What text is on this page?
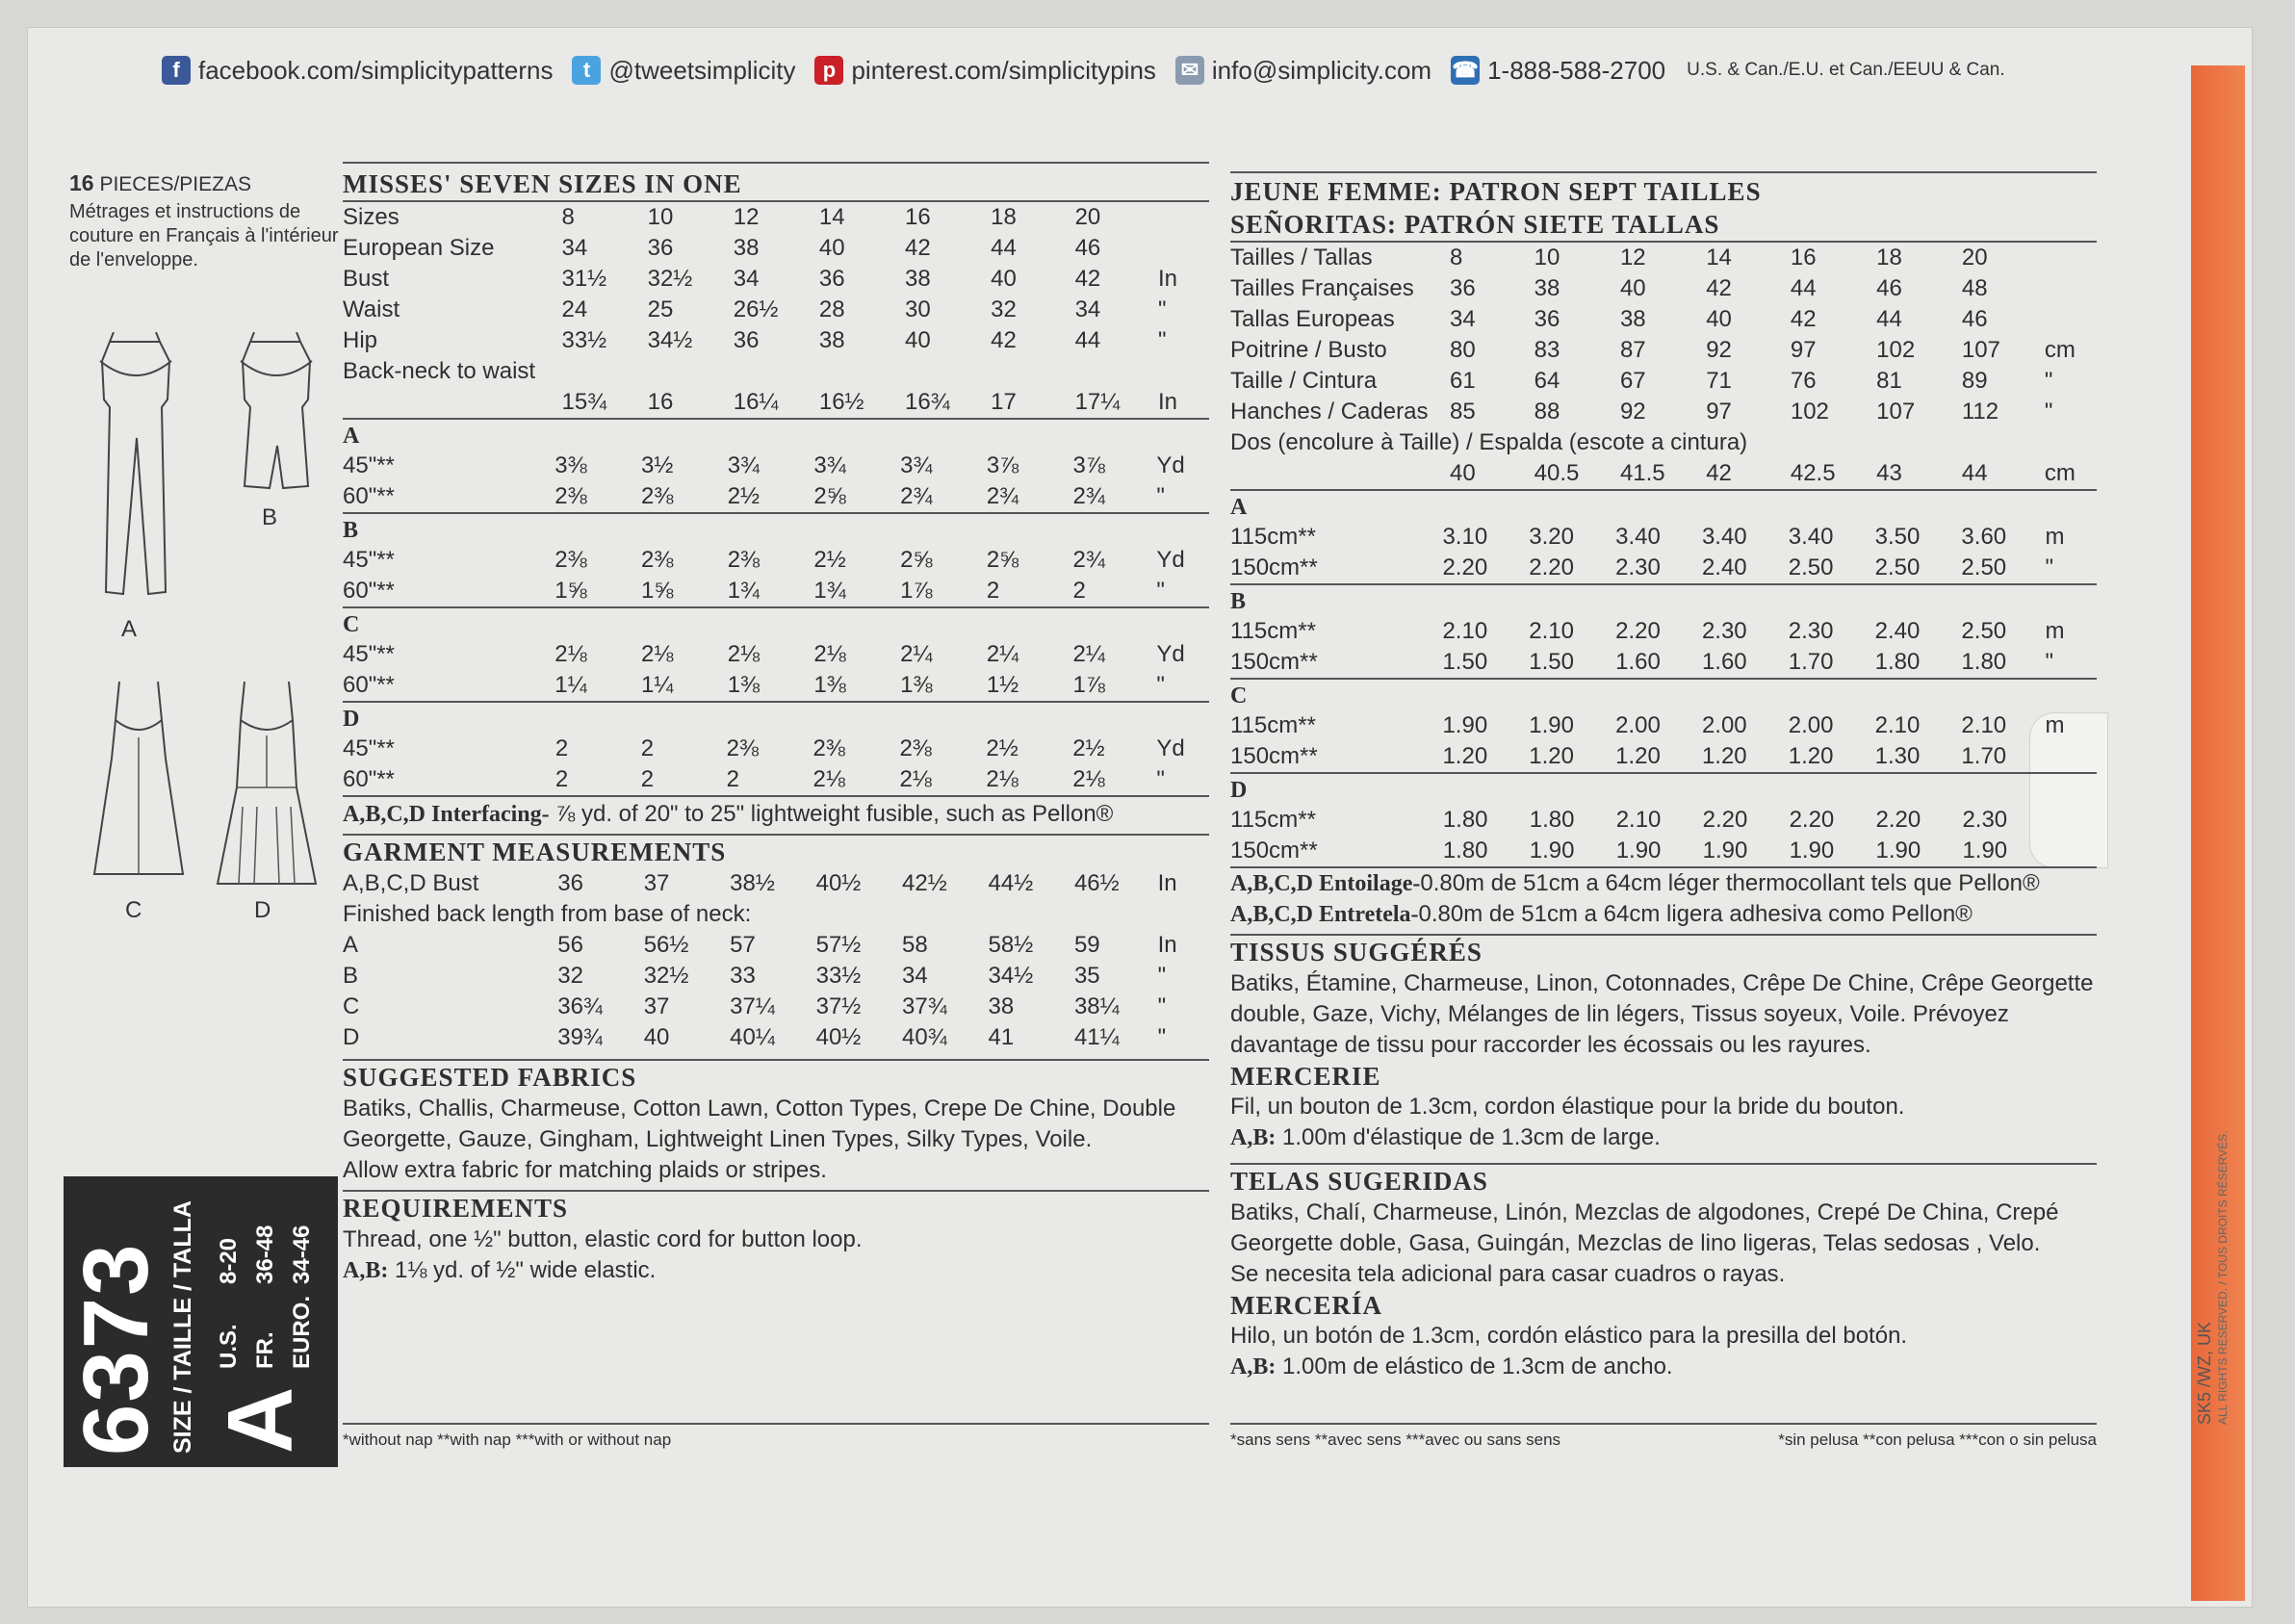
f facebook.com/simplicitypatterns	t @tweetsimplicity	p pinterest.com/simplicitypins ✉ info@simplicity.com ☎ 1-888-588-2700 U.S. & Can./E.U. et Can./EEUU & Can.
16 PIECES/PIEZAS
Métrages et instructions de couture en Français à l'intérieur de l'enveloppe.
A
B
C	D
6373 SIZE / TAILLE / TALLA A
U.S.
8-20
FR.
36-48
EURO.
34-46
MISSES' SEVEN SIZES IN ONE
Sizes	8	10	12	14	16	18	20	
European Size	34	36	38	40	42	44	46	
Bust	31½	32½	34	36	38	40	42	In
Waist	24	25	26½	28	30	32	34	"
Hip	33½	34½	36	38	40	42	44	"
Back-neck to waist								
	15¾	16	16¼	16½	16¾	17	17¼	In
A
45"**	3⅜	3½	3¾	3¾	3¾	3⅞	3⅞	Yd
60"**	2⅜	2⅜	2½	2⅝	2¾	2¾	2¾	"
B
45"**	2⅜	2⅜	2⅜	2½	2⅝	2⅝	2¾	Yd
60"**	1⅝	1⅝	1¾	1¾	1⅞	2	2	"
C
45"**	2⅛	2⅛	2⅛	2⅛	2¼	2¼	2¼	Yd
60"**	1¼	1¼	1⅜	1⅜	1⅜	1½	1⅞	"
D
45"**	2	2	2⅜	2⅜	2⅜	2½	2½	Yd
60"**	2	2	2	2⅛	2⅛	2⅛	2⅛	"
A,B,C,D Interfacing- ⅞ yd. of 20" to 25" lightweight fusible, such as Pellon®
GARMENT MEASUREMENTS
A,B,C,D Bust	36	37	38½	40½	42½	44½	46½	In
Finished back length from base of neck:								
A	56	56½	57	57½	58	58½	59	In
B	32	32½	33	33½	34	34½	35	"
C	36¾	37	37¼	37½	37¾	38	38¼	"
D	39¾	40	40¼	40½	40¾	41	41¼	"
SUGGESTED FABRICS
Batiks, Challis, Charmeuse, Cotton Lawn, Cotton Types, Crepe De Chine, Double Georgette, Gauze, Gingham, Lightweight Linen Types, Silky Types, Voile.
Allow extra fabric for matching plaids or stripes.
REQUIREMENTS
Thread, one ½" button, elastic cord for button loop.
A,B: 1⅛ yd. of ½" wide elastic.
*without nap **with nap ***with or without nap
JEUNE FEMME: PATRON SEPT TAILLES
SEÑORITAS: PATRÓN SIETE TALLAS
Tailles / Tallas	8	10	12	14	16	18	20	
Tailles Françaises	36	38	40	42	44	46	48	
Tallas Europeas	34	36	38	40	42	44	46	
Poitrine / Busto	80	83	87	92	97	102	107	cm
Taille / Cintura	61	64	67	71	76	81	89	"
Hanches / Caderas	85	88	92	97	102	107	112	"
Dos (encolure à Taille) / Espalda (escote a cintura)								
	40	40.5	41.5	42	42.5	43	44	cm
A
115cm**	3.10	3.20	3.40	3.40	3.40	3.50	3.60	m
150cm**	2.20	2.20	2.30	2.40	2.50	2.50	2.50	"
B
115cm**	2.10	2.10	2.20	2.30	2.30	2.40	2.50	m
150cm**	1.50	1.50	1.60	1.60	1.70	1.80	1.80	"
C
115cm**	1.90	1.90	2.00	2.00	2.00	2.10	2.10	m
150cm**	1.20	1.20	1.20	1.20	1.20	1.30	1.70	
D
115cm**	1.80	1.80	2.10	2.20	2.20	2.20	2.30	
150cm**	1.80	1.90	1.90	1.90	1.90	1.90	1.90	
A,B,C,D Entoilage-0.80m de 51cm a 64cm léger thermocollant tels que Pellon®
A,B,C,D Entretela-0.80m de 51cm a 64cm ligera adhesiva como Pellon®
TISSUS SUGGÉRÉS
Batiks, Étamine, Charmeuse, Linon, Cotonnades, Crêpe De Chine, Crêpe Georgette double, Gaze, Vichy, Mélanges de lin légers, Tissus soyeux, Voile. Prévoyez davantage de tissu pour raccorder les écossais ou les rayures.
MERCERIE
Fil, un bouton de 1.3cm, cordon élastique pour la bride du bouton.
A,B: 1.00m d'élastique de 1.3cm de large.
TELAS SUGERIDAS
Batiks, Chalí, Charmeuse, Linón, Mezclas de algodones, Crepé De China, Crepé Georgette doble, Gasa, Guingán, Mezclas de lino ligeras, Telas sedosas , Velo.
Se necesita tela adicional para casar cuadros o rayas.
MERCERÍA
Hilo, un botón de 1.3cm, cordón elástico para la presilla del botón.
A,B: 1.00m de elástico de 1.3cm de ancho.
*sans sens **avec sens ***avec ou sans sens	*sin pelusa **con pelusa ***con o sin pelusa
SK5 /WZ, UK ALL RIGHTS RESERVED. / TOUS DROITS RÉSERVÉS.
